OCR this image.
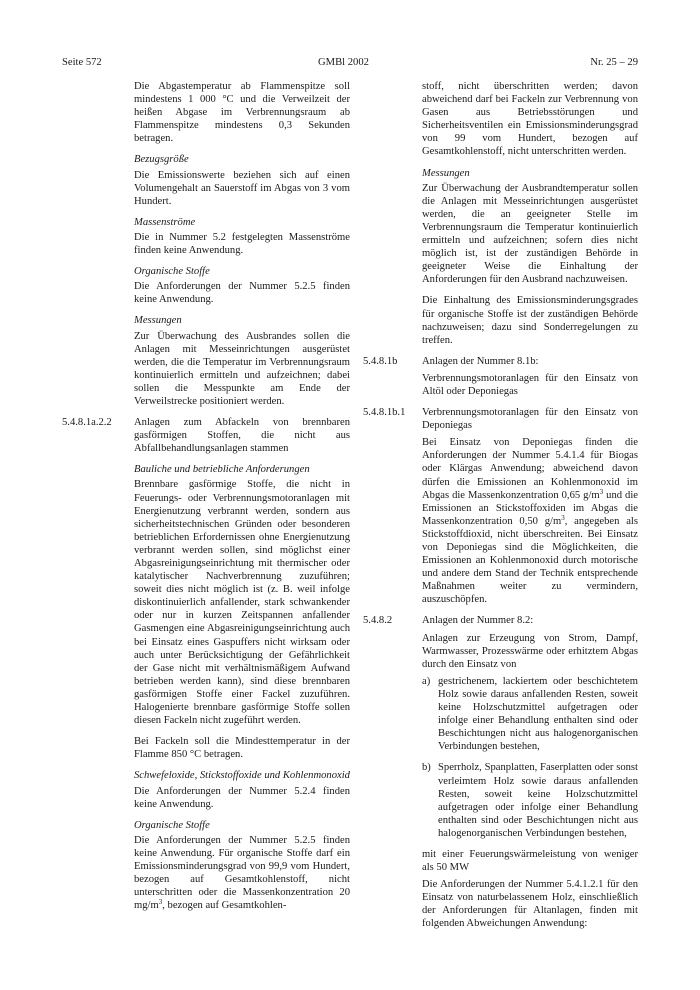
Seite 572	GMBl 2002	Nr. 25 – 29

Die Abgastemperatur ab Flammenspitze soll mindestens 1 000 °C und die Verweilzeit der heißen Abgase im Verbrennungsraum ab Flammenspitze mindestens 0,3 Sekunden betragen.

Bezugsgröße

Die Emissionswerte beziehen sich auf einen Volumengehalt an Sauerstoff im Abgas von 3 vom Hundert.

Massenströme

Die in Nummer 5.2 festgelegten Massenströme finden keine Anwendung.

Organische Stoffe

Die Anforderungen der Nummer 5.2.5 finden keine Anwendung.

Messungen

Zur Überwachung des Ausbrandes sollen die Anlagen mit Messeinrichtungen ausgerüstet werden, die die Temperatur im Verbrennungsraum kontinuierlich ermitteln und aufzeichnen; dabei sollen die Messpunkte am Ende der Verweilstrecke positioniert werden.

5.4.8.1a.2.2 Anlagen zum Abfackeln von brennbaren gasförmigen Stoffen, die nicht aus Abfallbehandlungsanlagen stammen

Bauliche und betriebliche Anforderungen

Brennbare gasförmige Stoffe, die nicht in Feuerungs- oder Verbrennungsmotoranlagen mit Energienutzung verbrannt werden, sondern aus sicherheitstechnischen Gründen oder besonderen betrieblichen Erfordernissen ohne Energienutzung verbrannt werden sollen, sind möglichst einer Abgasreinigungseinrichtung mit thermischer oder katalytischer Nachverbrennung zuzuführen; soweit dies nicht möglich ist (z. B. weil infolge diskontinuierlich anfallender, stark schwankender oder nur in kurzen Zeitspannen anfallender Gasmengen eine Abgasreinigungseinrichtung auch bei Einsatz eines Gaspuffers nicht wirksam oder auch unter Berücksichtigung der Gefährlichkeit der Gase nicht mit verhältnismäßigem Aufwand betrieben werden kann), sind diese brennbaren gasförmigen Stoffe einer Fackel zuzuführen. Halogenierte brennbare gasförmige Stoffe sollen diesen Fackeln nicht zugeführt werden.

Bei Fackeln soll die Mindesttemperatur in der Flamme 850 °C betragen.

Schwefeloxide, Stickstoffoxide und Kohlenmonoxid

Die Anforderungen der Nummer 5.2.4 finden keine Anwendung.

Organische Stoffe

Die Anforderungen der Nummer 5.2.5 finden keine Anwendung. Für organische Stoffe darf ein Emissionsminderungsgrad von 99,9 vom Hundert, bezogen auf Gesamtkohlenstoff, nicht unterschritten oder die Massenkonzentration 20 $mg/m^3$, bezogen auf Gesamtkohlen-

stoff, nicht überschritten werden; davon abweichend darf bei Fackeln zur Verbrennung von Gasen aus Betriebsstörungen und Sicherheitsventilen ein Emissionsminderungsgrad von 99 vom Hundert, bezogen auf Gesamtkohlenstoff, nicht unterschritten werden.

Messungen

Zur Überwachung der Ausbrandtemperatur sollen die Anlagen mit Messeinrichtungen ausgerüstet werden, die an geeigneter Stelle im Verbrennungsraum die Temperatur kontinuierlich ermitteln und aufzeichnen; sofern dies nicht möglich ist, ist der zuständigen Behörde in geeigneter Weise die Einhaltung der Anforderungen für den Ausbrand nachzuweisen.

Die Einhaltung des Emissionsminderungsgrades für organische Stoffe ist der zuständigen Behörde nachzuweisen; dazu sind Sonderregelungen zu treffen.

5.4.8.1b Anlagen der Nummer 8.1b:

Verbrennungsmotoranlagen für den Einsatz von Altöl oder Deponiegas

5.4.8.1b.1 Verbrennungsmotoranlagen für den Einsatz von Deponiegas

Bei Einsatz von Deponiegas finden die Anforderungen der Nummer 5.4.1.4 für Biogas oder Klärgas Anwendung; abweichend davon dürfen die Emissionen an Kohlenmonoxid im Abgas die Massenkonzentration 0,65 $g/m^3$ und die Emissionen an Stickstoffoxiden im Abgas die Massenkonzentration 0,50 $g/m^3$, angegeben als Stickstoffdioxid, nicht überschreiten. Bei Einsatz von Deponiegas sind die Möglichkeiten, die Emissionen an Kohlenmonoxid durch motorische und andere dem Stand der Technik entsprechende Maßnahmen weiter zu vermindern, auszuschöpfen.

5.4.8.2	Anlagen der Nummer 8.2:

Anlagen zur Erzeugung von Strom, Dampf, Warmwasser, Prozesswärme oder erhitztem Abgas durch den Einsatz von

a) gestrichenem, lackiertem oder beschichtetem Holz sowie daraus anfallenden Resten, soweit keine Holzschutzmittel aufgetragen oder infolge einer Behandlung enthalten sind oder Beschichtungen nicht aus halogenorganischen Verbindungen bestehen,

b) Sperrholz, Spanplatten, Faserplatten oder sonst verleimtem Holz sowie daraus anfallenden Resten, soweit keine Holzschutzmittel aufgetragen oder infolge einer Behandlung enthalten sind oder Beschichtungen nicht aus halogenorganischen Verbindungen bestehen,

mit einer Feuerungswärmeleistung von weniger als 50 MW

Die Anforderungen der Nummer 5.4.1.2.1 für den Einsatz von naturbelassenem Holz, einschließlich der Anforderungen für Altanlagen, finden mit folgenden Abweichungen Anwendung:
